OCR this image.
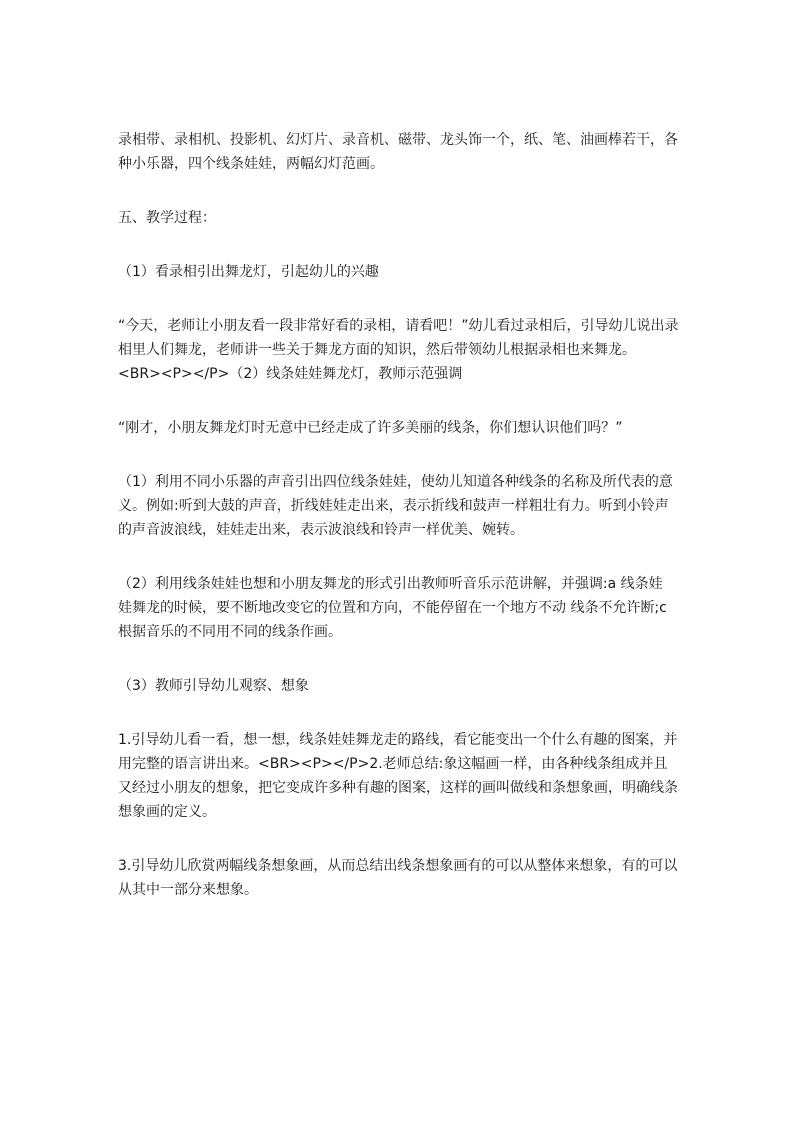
录相带、录相机、投影机、幻灯片、录音机、磁带、龙头饰一个，纸、笔、油画棒若干，各
种小乐器，四个线条娃娃，两幅幻灯范画。

五、教学过程：

（1）看录相引出舞龙灯，引起幼儿的兴趣

“今天，老师让小朋友看一段非常好看的录相，请看吧！”幼儿看过录相后，引导幼儿说出录
相里人们舞龙，老师讲一些关于舞龙方面的知识，然后带领幼儿根据录相也来舞龙。
<BR><P></P>（2）线条娃娃舞龙灯，教师示范强调

“刚才，小朋友舞龙灯时无意中已经走成了许多美丽的线条，你们想认识他们吗？”

（1）利用不同小乐器的声音引出四位线条娃娃，使幼儿知道各种线条的名称及所代表的意
义。例如:听到大鼓的声音，折线娃娃走出来，表示折线和鼓声一样粗壮有力。听到小铃声
的声音波浪线，娃娃走出来，表示波浪线和铃声一样优美、婉转。

（2）利用线条娃娃也想和小朋友舞龙的形式引出教师听音乐示范讲解，并强调:a 线条娃
娃舞龙的时候，要不断地改变它的位置和方向，不能停留在一个地方不动 线条不允许断;c
根据音乐的不同用不同的线条作画。

（3）教师引导幼儿观察、想象

1.引导幼儿看一看，想一想，线条娃娃舞龙走的路线，看它能变出一个什么有趣的图案，并
用完整的语言讲出来。<BR><P></P>2.老师总结:象这幅画一样，由各种线条组成并且
又经过小朋友的想象，把它变成许多种有趣的图案，这样的画叫做线和条想象画，明确线条
想象画的定义。

3.引导幼儿欣赏两幅线条想象画，从而总结出线条想象画有的可以从整体来想象，有的可以
从其中一部分来想象。
